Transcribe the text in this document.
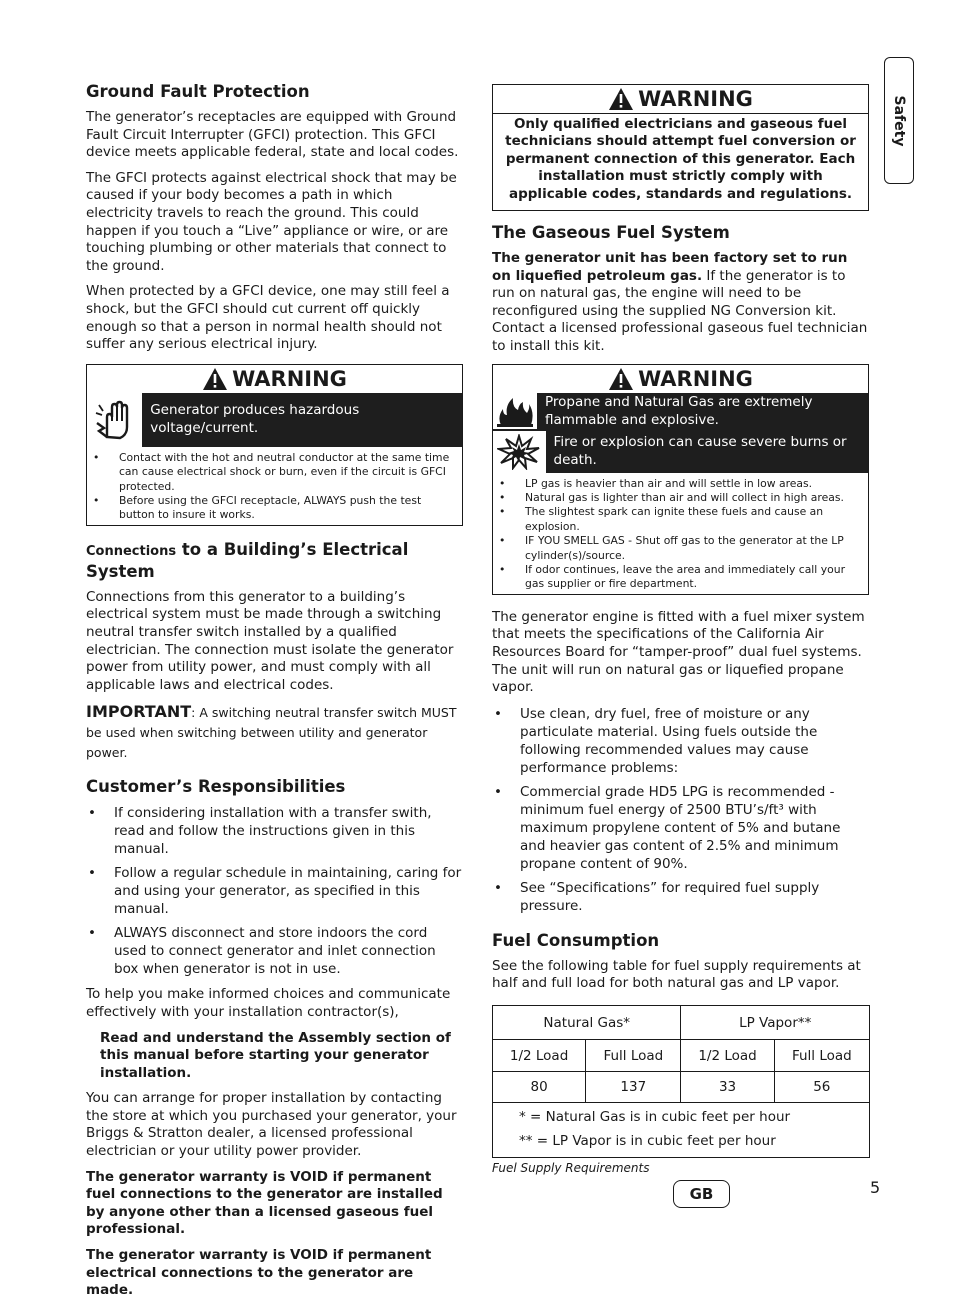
Safety
Ground Fault Protection

The generator’s receptacles are equipped with Ground Fault Circuit Interrupter (GFCI) protection. This GFCI device meets applicable federal, state and local codes.

The GFCI protects against electrical shock that may be caused if your body becomes a path in which electricity travels to reach the ground. This could happen if you touch a “Live” appliance or wire, or are touching plumbing or other materials that connect to the ground.

When protected by a GFCI device, one may still feel a shock, but the GFCI should cut current off quickly enough so that a person in normal health should not suffer any serious electrical injury.

WARNING
Generator produces hazardous voltage/current.
• Contact with the hot and neutral conductor at the same time can cause electrical shock or burn, even if the circuit is GFCI protected.
• Before using the GFCI receptacle, ALWAYS push the test button to insure it works.
Connections to a Building’s Electrical System

Connections from this generator to a building’s electrical system must be made through a switching neutral transfer switch installed by a qualified electrician. The connection must isolate the generator power from utility power, and must comply with all applicable laws and electrical codes.

IMPORTANT: A switching neutral transfer switch MUST be used when switching between utility and generator power.

Customer’s Responsibilities
• If considering installation with a transfer swith, read and follow the instructions given in this manual.
• Follow a regular schedule in maintaining, caring for and using your generator, as specified in this manual.
• ALWAYS disconnect and store indoors the cord used to connect generator and inlet connection box when generator is not in use.

To help you make informed choices and communicate effectively with your installation contractor(s),

Read and understand the Assembly section of this manual before starting your generator installation.

You can arrange for proper installation by contacting the store at which you purchased your generator, your Briggs & Stratton dealer, a licensed professional electrician or your utility power provider.

The generator warranty is VOID if permanent fuel connections to the generator are installed by anyone other than a licensed gaseous fuel professional.

The generator warranty is VOID if permanent electrical connections to the generator are made.

WARNING
Only qualified electricians and gaseous fuel technicians should attempt fuel conversion or permanent connection of this generator. Each installation must strictly comply with applicable codes, standards and regulations.
The Gaseous Fuel System

The generator unit has been factory set to run on liquefied petroleum gas. If the generator is to run on natural gas, the engine will need to be reconfigured using the supplied NG Conversion kit. Contact a licensed professional gaseous fuel technician to install this kit.

WARNING
Propane and Natural Gas are extremely flammable and explosive.
Fire or explosion can cause severe burns or death.
• LP gas is heavier than air and will settle in low areas.
• Natural gas is lighter than air and will collect in high areas.
• The slightest spark can ignite these fuels and cause an explosion.
• IF YOU SMELL GAS - Shut off gas to the generator at the LP cylinder(s)/source.
• If odor continues, leave the area and immediately call your gas supplier or fire department.

The generator engine is fitted with a fuel mixer system that meets the specifications of the California Air Resources Board for “tamper-proof” dual fuel systems. The unit will run on natural gas or liquefied propane vapor.

• Use clean, dry fuel, free of moisture or any particulate material. Using fuels outside the following recommended values may cause performance problems:
• Commercial grade HD5 LPG is recommended - minimum fuel energy of 2500 BTU’s/ft³ with maximum propylene content of 5% and butane and heavier gas content of 2.5% and minimum propane content of 90%.
• See “Specifications” for required fuel supply pressure.
Fuel Consumption

See the following table for fuel supply requirements at half and full load for both natural gas and LP vapor.

Natural Gas*		LP Vapor**	
1/2 Load	Full Load	1/2 Load	Full Load
80	137	33	56

* = Natural Gas is in cubic feet per hour
** = LP Vapor is in cubic feet per hour			
Fuel Supply Requirements
GB	5
